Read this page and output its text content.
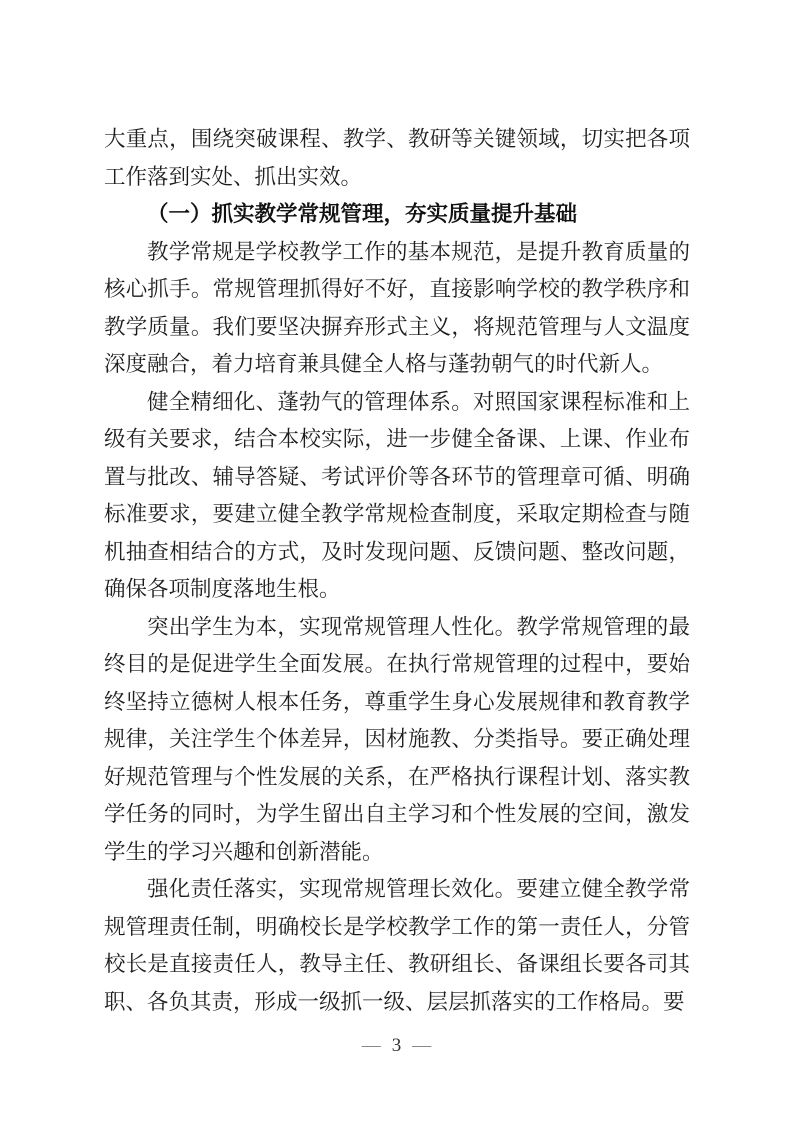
大重点，围绕突破课程、教学、教研等关键领域，切实把各项
工作落到实处、抓出实效。
（一）抓实教学常规管理，夯实质量提升基础
教学常规是学校教学工作的基本规范，是提升教育质量的
核心抓手。常规管理抓得好不好，直接影响学校的教学秩序和
教学质量。我们要坚决摒弃形式主义，将规范管理与人文温度
深度融合，着力培育兼具健全人格与蓬勃朝气的时代新人。
健全精细化、蓬勃气的管理体系。对照国家课程标准和上
级有关要求，结合本校实际，进一步健全备课、上课、作业布
置与批改、辅导答疑、考试评价等各环节的管理章可循、明确
标准要求，要建立健全教学常规检查制度，采取定期检查与随
机抽查相结合的方式，及时发现问题、反馈问题、整改问题，
确保各项制度落地生根。
突出学生为本，实现常规管理人性化。教学常规管理的最
终目的是促进学生全面发展。在执行常规管理的过程中，要始
终坚持立德树人根本任务，尊重学生身心发展规律和教育教学
规律，关注学生个体差异，因材施教、分类指导。要正确处理
好规范管理与个性发展的关系，在严格执行课程计划、落实教
学任务的同时，为学生留出自主学习和个性发展的空间，激发
学生的学习兴趣和创新潜能。
强化责任落实，实现常规管理长效化。要建立健全教学常
规管理责任制，明确校长是学校教学工作的第一责任人，分管
校长是直接责任人，教导主任、教研组长、备课组长要各司其
职、各负其责，形成一级抓一级、层层抓落实的工作格局。要
— 3 —
